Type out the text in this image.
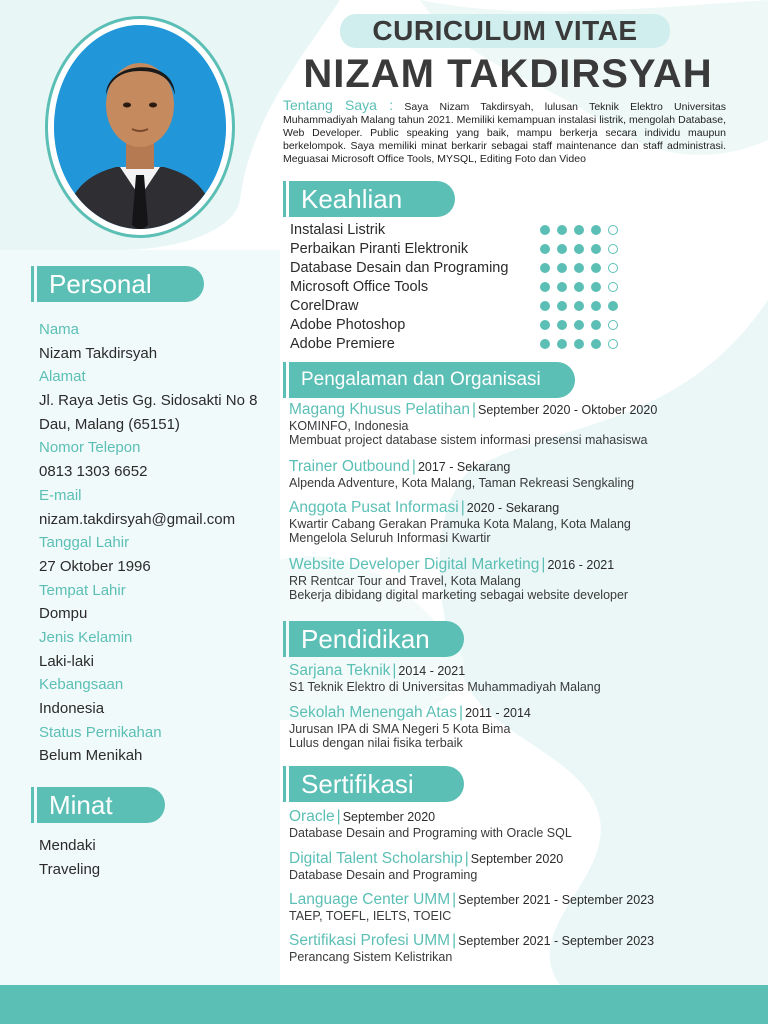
CURICULUM VITAE
NIZAM TAKDIRSYAH
Tentang Saya : Saya Nizam Takdirsyah, lulusan Teknik Elektro Universitas Muhammadiyah Malang tahun 2021. Memiliki kemampuan instalasi listrik, mengolah Database, Web Developer. Public speaking yang baik, mampu berkerja secara individu maupun berkelompok. Saya memiliki minat berkarir sebagai staff maintenance dan staff administrasi. Meguasai Microsoft Office Tools, MYSQL, Editing Foto dan Video
Personal
Nama
Nizam Takdirsyah
Alamat
Jl. Raya Jetis Gg. Sidosakti No 8
Dau, Malang (65151)
Nomor Telepon
0813 1303 6652
E-mail
nizam.takdirsyah@gmail.com
Tanggal Lahir
27 Oktober 1996
Tempat Lahir
Dompu
Jenis Kelamin
Laki-laki
Kebangsaan
Indonesia
Status Pernikahan
Belum Menikah
Minat
Mendaki
Traveling
Keahlian
Instalasi Listrik
Perbaikan Piranti Elektronik
Database Desain dan Programing
Microsoft Office Tools
CorelDraw
Adobe Photoshop
Adobe Premiere
Pengalaman dan Organisasi
Magang Khusus Pelatihan | September 2020 - Oktober 2020
KOMINFO, Indonesia
Membuat project database sistem informasi presensi mahasiswa
Trainer Outbound | 2017 - Sekarang
Alpenda Adventure, Kota Malang, Taman Rekreasi Sengkaling
Anggota Pusat Informasi | 2020 - Sekarang
Kwartir Cabang Gerakan Pramuka Kota Malang, Kota Malang
Mengelola Seluruh Informasi Kwartir
Website Developer Digital Marketing | 2016 - 2021
RR Rentcar Tour and Travel, Kota Malang
Bekerja dibidang digital marketing sebagai website developer
Pendidikan
Sarjana Teknik | 2014 - 2021
S1 Teknik Elektro di Universitas Muhammadiyah Malang
Sekolah Menengah Atas | 2011 - 2014
Jurusan IPA di SMA Negeri 5 Kota Bima
Lulus dengan nilai fisika terbaik
Sertifikasi
Oracle | September 2020
Database Desain and Programing with Oracle SQL
Digital Talent Scholarship | September 2020
Database Desain and Programing
Language Center UMM | September 2021 - September 2023
TAEP, TOEFL, IELTS, TOEIC
Sertifikasi Profesi UMM | September 2021 - September 2023
Perancang Sistem Kelistrikan
